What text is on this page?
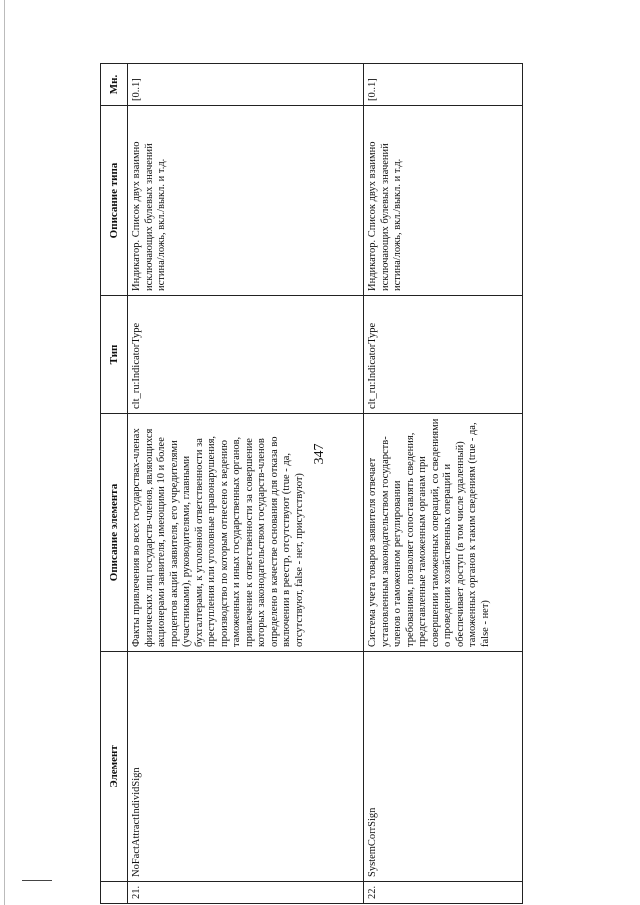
347
	Элемент	Описание элемента	Тип	Описание типа	Мн.
21.	NoFactAttractIndividSign	Факты привлечения во всех государствах-членах физических лиц государств-членов, являющихся акционерами заявителя, имеющими 10 и более процентов акций заявителя, его учредителями (участниками), руководителями, главными бухгалтерами, к уголовной ответственности за преступления или уголовные правонарушения, производство по которым отнесено к ведению таможенных и иных государственных органов, привлечение к ответственности за совершение которых законодательством государств-членов определено в качестве основания для отказа во включении в реестр, отсутствуют (true - да, отсутствуют, false - нет, присутствуют)	clt_ru:IndicatorType	Индикатор. Список двух взаимно исключающих булевых значений истина/ложь, вкл./выкл. и т.д.	[0..1]
22.	SystemCorrSign	Система учета товаров заявителя отвечает установленным законодательством государств-членов о таможенном регулировании требованиям, позволяет сопоставлять сведения, представленные таможенным органам при совершении таможенных операций, со сведениями о проведении хозяйственных операций и обеспечивает доступ (в том числе удаленный) таможенных органов к таким сведениям (true - да, false - нет)	clt_ru:IndicatorType	Индикатор. Список двух взаимно исключающих булевых значений истина/ложь, вкл./выкл. и т.д.	[0..1]
